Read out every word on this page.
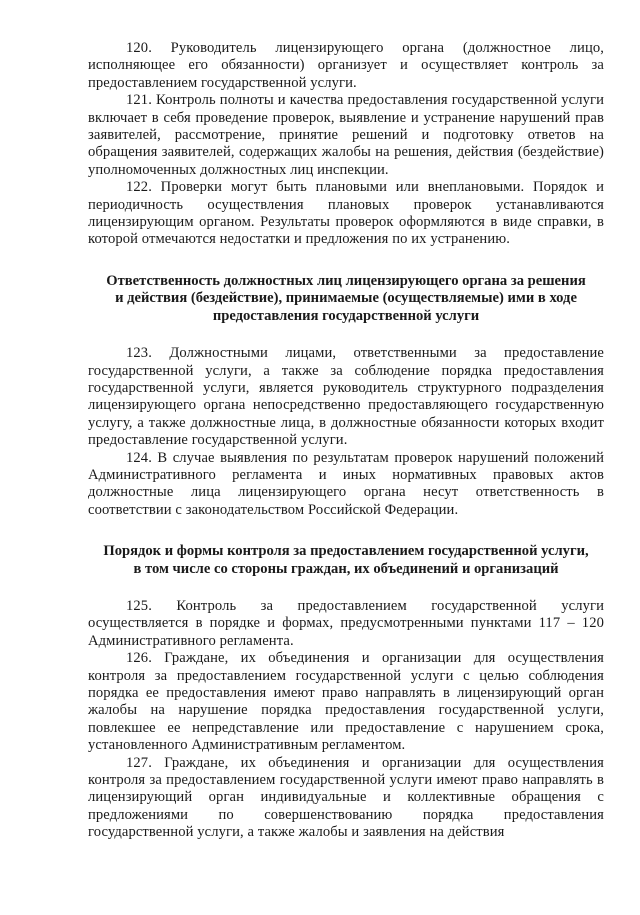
120. Руководитель лицензирующего органа (должностное лицо, исполняющее его обязанности) организует и осуществляет контроль за предоставлением государственной услуги.

121. Контроль полноты и качества предоставления государственной услуги включает в себя проведение проверок, выявление и устранение нарушений прав заявителей, рассмотрение, принятие решений и подготовку ответов на обращения заявителей, содержащих жалобы на решения, действия (бездействие) уполномоченных должностных лиц инспекции.

122. Проверки могут быть плановыми или внеплановыми. Порядок и периодичность осуществления плановых проверок устанавливаются лицензирующим органом. Результаты проверок оформляются в виде справки, в которой отмечаются недостатки и предложения по их устранению.

Ответственность должностных лиц лицензирующего органа за решения и действия (бездействие), принимаемые (осуществляемые) ими в ходе предоставления государственной услуги

123. Должностными лицами, ответственными за предоставление государственной услуги, а также за соблюдение порядка предоставления государственной услуги, является руководитель структурного подразделения лицензирующего органа непосредственно предоставляющего государственную услугу, а также должностные лица, в должностные обязанности которых входит предоставление государственной услуги.

124. В случае выявления по результатам проверок нарушений положений Административного регламента и иных нормативных правовых актов должностные лица лицензирующего органа несут ответственность в соответствии с законодательством Российской Федерации.

Порядок и формы контроля за предоставлением государственной услуги, в том числе со стороны граждан, их объединений и организаций

125. Контроль за предоставлением государственной услуги осуществляется в порядке и формах, предусмотренными пунктами 117 – 120 Административного регламента.

126. Граждане, их объединения и организации для осуществления контроля за предоставлением государственной услуги с целью соблюдения порядка ее предоставления имеют право направлять в лицензирующий орган жалобы на нарушение порядка предоставления государственной услуги, повлекшее ее непредставление или предоставление с нарушением срока, установленного Административным регламентом.

127. Граждане, их объединения и организации для осуществления контроля за предоставлением государственной услуги имеют право направлять в лицензирующий орган индивидуальные и коллективные обращения с предложениями по совершенствованию порядка предоставления государственной услуги, а также жалобы и заявления на действия
